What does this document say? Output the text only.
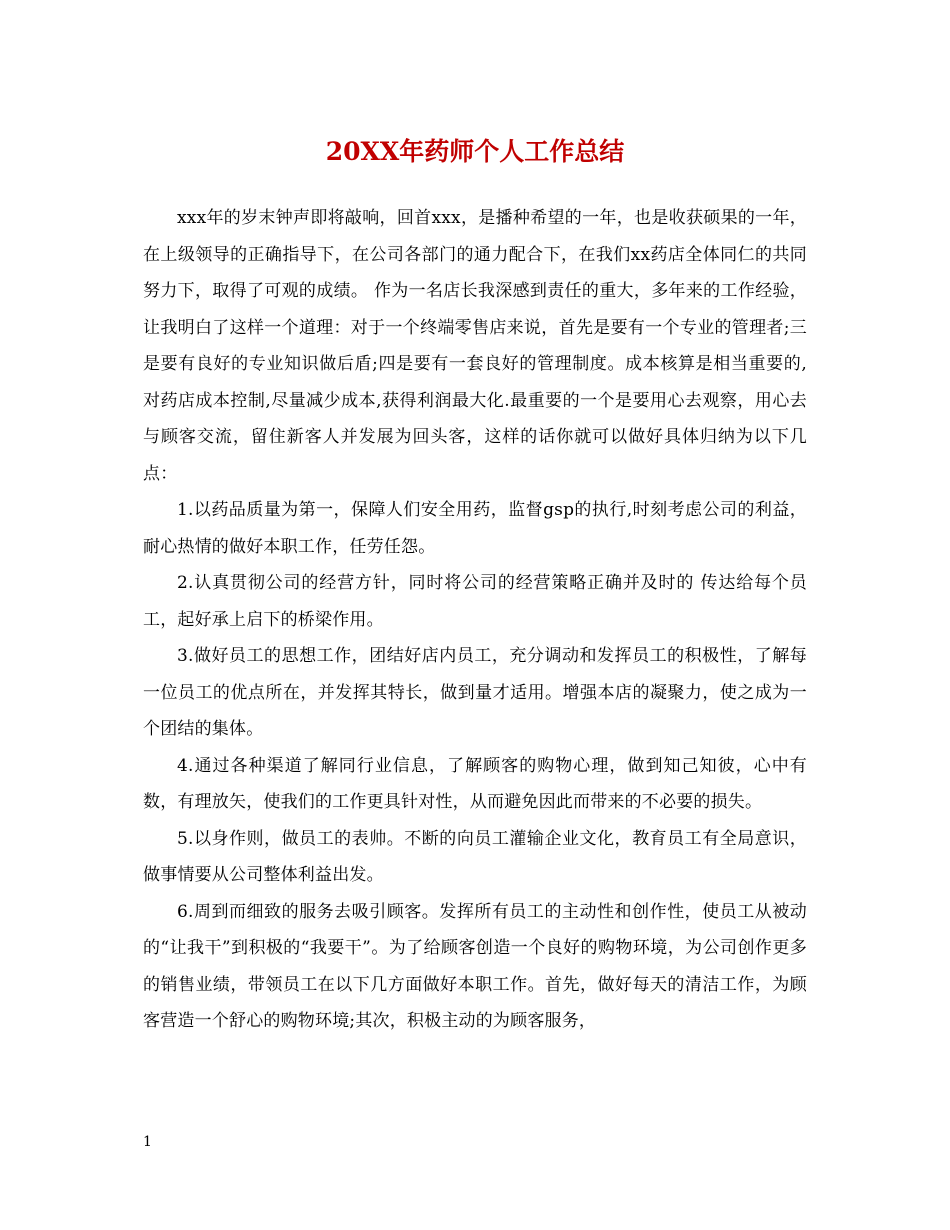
20XX年药师个人工作总结

xxx年的岁末钟声即将敲响，回首xxx，是播种希望的一年，也是收获硕果的一年，在上级领导的正确指导下，在公司各部门的通力配合下，在我们xx药店全体同仁的共同努力下，取得了可观的成绩。 作为一名店长我深感到责任的重大，多年来的工作经验，让我明白了这样一个道理：对于一个终端零售店来说，首先是要有一个专业的管理者;三是要有良好的专业知识做后盾;四是要有一套良好的管理制度。成本核算是相当重要的,对药店成本控制,尽量减少成本,获得利润最大化.最重要的一个是要用心去观察，用心去与顾客交流，留住新客人并发展为回头客，这样的话你就可以做好具体归纳为以下几点：

1.以药品质量为第一，保障人们安全用药，监督gsp的执行,时刻考虑公司的利益，耐心热情的做好本职工作，任劳任怨。

2.认真贯彻公司的经营方针，同时将公司的经营策略正确并及时的 传达给每个员工，起好承上启下的桥梁作用。

3.做好员工的思想工作，团结好店内员工，充分调动和发挥员工的积极性，了解每一位员工的优点所在，并发挥其特长，做到量才适用。增强本店的凝聚力，使之成为一个团结的集体。

4.通过各种渠道了解同行业信息，了解顾客的购物心理，做到知己知彼，心中有数，有理放矢，使我们的工作更具针对性，从而避免因此而带来的不必要的损失。

5.以身作则，做员工的表帅。不断的向员工灌输企业文化，教育员工有全局意识，做事情要从公司整体利益出发。

6.周到而细致的服务去吸引顾客。发挥所有员工的主动性和创作性，使员工从被动的“让我干”到积极的“我要干”。为了给顾客创造一个良好的购物环境，为公司创作更多的销售业绩，带领员工在以下几方面做好本职工作。首先，做好每天的清洁工作，为顾客营造一个舒心的购物环境;其次，积极主动的为顾客服务，

1
